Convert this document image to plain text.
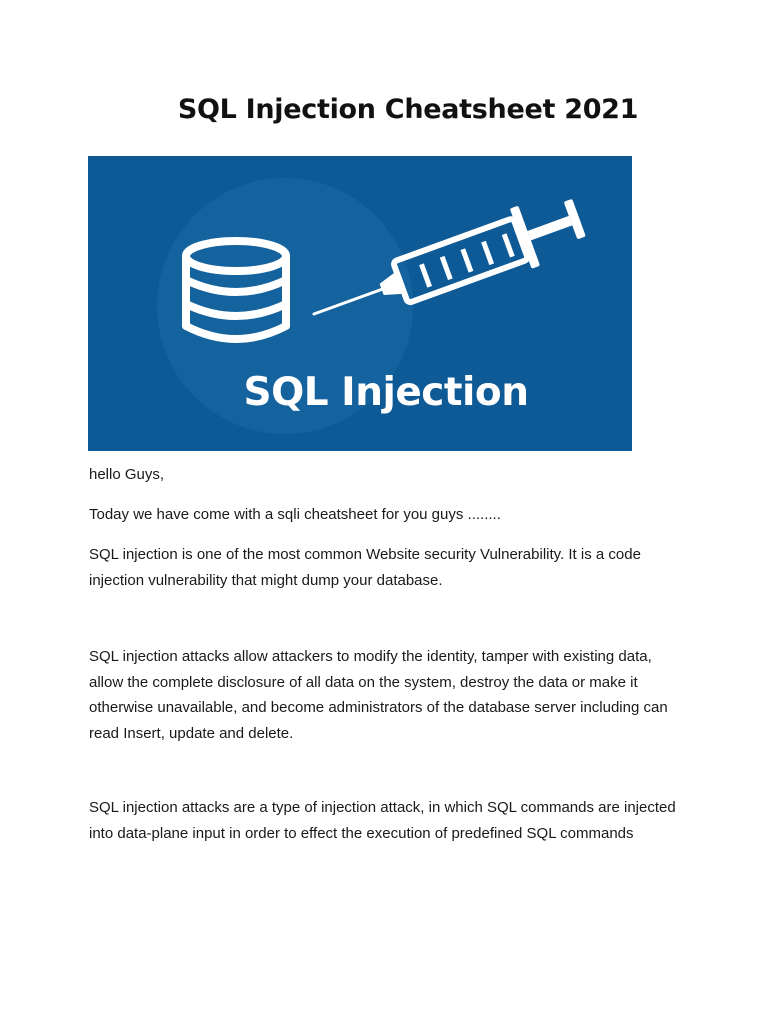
SQL Injection Cheatsheet 2021
SQL Injection

hello Guys,

Today we have come with a sqli cheatsheet for you guys ........

SQL injection is one of the most common Website security Vulnerability. It is a code injection vulnerability that might dump your database.

SQL injection attacks allow attackers to modify the identity, tamper with existing data, allow the complete disclosure of all data on the system, destroy the data or make it otherwise unavailable, and become administrators of the database server including can read Insert, update and delete.

SQL injection attacks are a type of injection attack, in which SQL commands are injected into data-plane input in order to effect the execution of predefined SQL commands
